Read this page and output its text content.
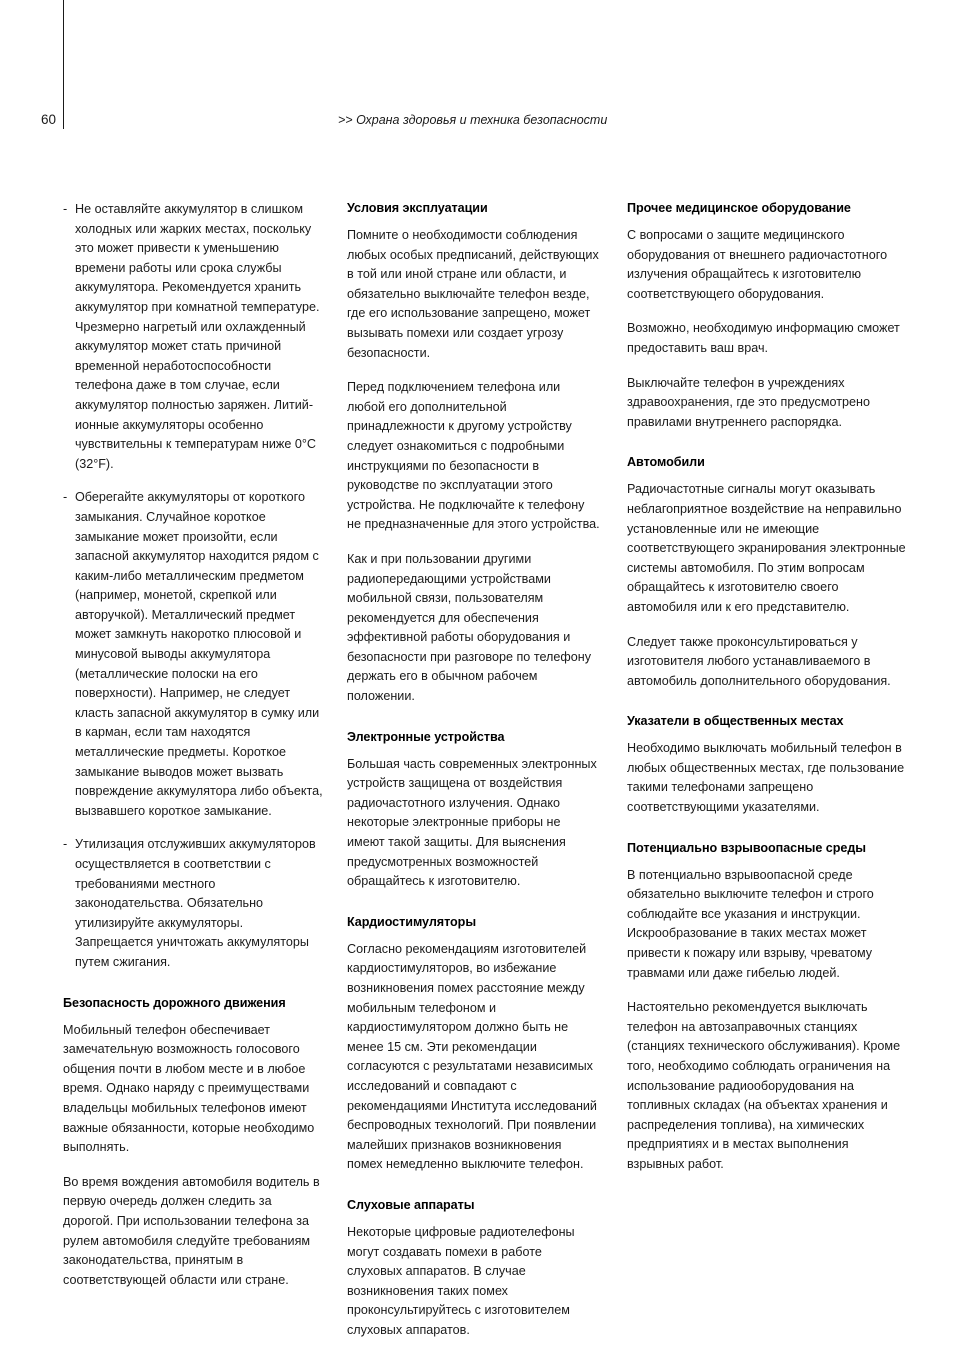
60	>> Охрана здоровья и техника безопасности
- Не оставляйте аккумулятор в слишком холодных или жарких местах, поскольку это может привести к уменьшению времени работы или срока службы аккумулятора. Рекомендуется хранить аккумулятор при комнатной температуре. Чрезмерно нагретый или охлажденный аккумулятор может стать причиной временной неработоспособности телефона даже в том случае, если аккумулятор полностью заряжен. Литий-ионные аккумуляторы особенно чувствительны к температурам ниже 0°C (32°F).
- Оберегайте аккумуляторы от короткого замыкания. Случайное короткое замыкание может произойти, если запасной аккумулятор находится рядом с каким-либо металлическим предметом (например, монетой, скрепкой или авторучкой). Металлический предмет может замкнуть накоротко плюсовой и минусовой выводы аккумулятора (металлические полоски на его поверхности). Например, не следует класть запасной аккумулятор в сумку или в карман, если там находятся металлические предметы. Короткое замыкание выводов может вызвать повреждение аккумулятора либо объекта, вызвавшего короткое замыкание.
- Утилизация отслуживших аккумуляторов осуществляется в соответствии с требованиями местного законодательства. Обязательно утилизируйте аккумуляторы. Запрещается уничтожать аккумуляторы путем сжигания.
Безопасность дорожного движения

Мобильный телефон обеспечивает замечательную возможность голосового общения почти в любом месте и в любое время. Однако наряду с преимуществами владельцы мобильных телефонов имеют важные обязанности, которые необходимо выполнять.

Во время вождения автомобиля водитель в первую очередь должен следить за дорогой. При использовании телефона за рулем автомобиля следуйте требованиям законодательства, принятым в соответствующей области или стране.

Условия эксплуатации

Помните о необходимости соблюдения любых особых предписаний, действующих в той или иной стране или области, и обязательно выключайте телефон везде, где его использование запрещено, может вызывать помехи или создает угрозу безопасности.

Перед подключением телефона или любой его дополнительной принадлежности к другому устройству следует ознакомиться с подробными инструкциями по безопасности в руководстве по эксплуатации этого устройства. Не подключайте к телефону не предназначенные для этого устройства.

Как и при пользовании другими радиопередающими устройствами мобильной связи, пользователям рекомендуется для обеспечения эффективной работы оборудования и безопасности при разговоре по телефону держать его в обычном рабочем положении.

Электронные устройства

Большая часть современных электронных устройств защищена от воздействия радиочастотного излучения. Однако некоторые электронные приборы не имеют такой защиты. Для выяснения предусмотренных возможностей обращайтесь к изготовителю.

Кардиостимуляторы

Согласно рекомендациям изготовителей кардиостимуляторов, во избежание возникновения помех расстояние между мобильным телефоном и кардиостимулятором должно быть не менее 15 см. Эти рекомендации согласуются с результатами независимых исследований и совпадают с рекомендациями Института исследований беспроводных технологий. При появлении малейших признаков возникновения помех немедленно выключите телефон.

Слуховые аппараты

Некоторые цифровые радиотелефоны могут создавать помехи в работе слуховых аппаратов. В случае возникновения таких помех проконсультируйтесь с изготовителем слуховых аппаратов.

Прочее медицинское оборудование

С вопросами о защите медицинского оборудования от внешнего радиочастотного излучения обращайтесь к изготовителю соответствующего оборудования.

Возможно, необходимую информацию сможет предоставить ваш врач.

Выключайте телефон в учреждениях здравоохранения, где это предусмотрено правилами внутреннего распорядка.

Автомобили

Радиочастотные сигналы могут оказывать неблагоприятное воздействие на неправильно установленные или не имеющие соответствующего экранирования электронные системы автомобиля. По этим вопросам обращайтесь к изготовителю своего автомобиля или к его представителю.

Следует также проконсультироваться у изготовителя любого устанавливаемого в автомобиль дополнительного оборудования.

Указатели в общественных местах

Необходимо выключать мобильный телефон в любых общественных местах, где пользование такими телефонами запрещено соответствующими указателями.

Потенциально взрывоопасные среды

В потенциально взрывоопасной среде обязательно выключите телефон и строго соблюдайте все указания и инструкции. Искрообразование в таких местах может привести к пожару или взрыву, чреватому травмами или даже гибелью людей.

Настоятельно рекомендуется выключать телефон на автозаправочных станциях (станциях технического обслуживания). Кроме того, необходимо соблюдать ограничения на использование радиооборудования на топливных складах (на объектах хранения и распределения топлива), на химических предприятиях и в местах выполнения взрывных работ.
